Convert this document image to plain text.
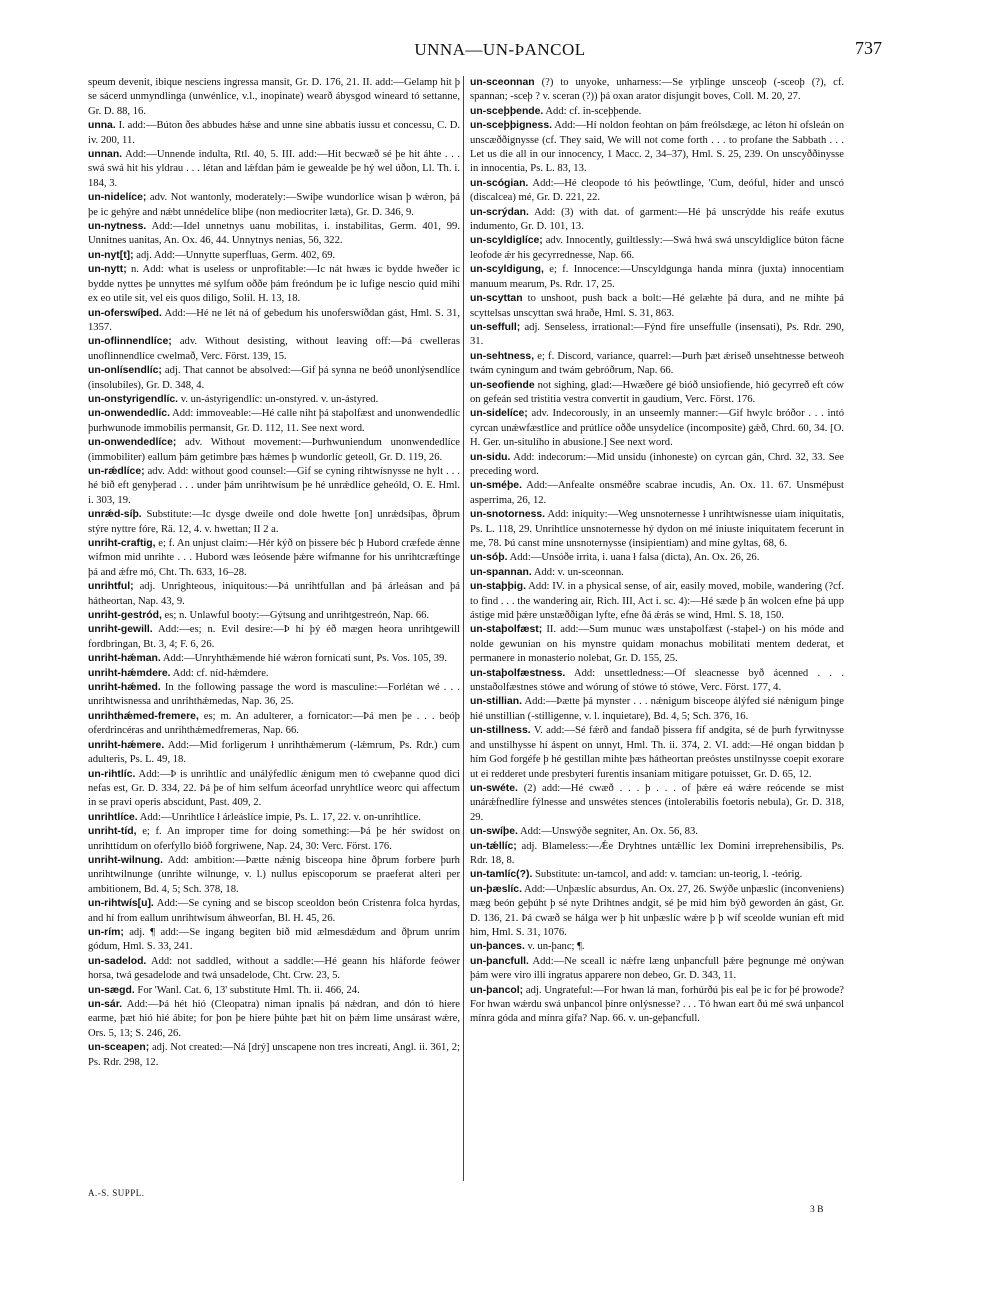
UNNA—UN-ÞANCOL	737

speum devenit, ibique nesciens ingressa mansit, Gr. D. 176, 21. II. add:—Gelamp hit þ se sácerd unmyndlinga (unwénlíce, v.l., inopinate) wearð ábysgod wineard tó settanne, Gr. D. 88, 16.

unna. I. add:—Búton ðes abbudes hǽse and unne sine abbatis iussu et concessu, C. D. iv. 200, 11.

unnan. Add:—Unnende indulta, Rtl. 40, 5. III. add:—Hit becwæð sé þe hit áhte . . . swá swá hit his yldrau . . . létan and lǽfdan þám ie gewealde þe hý wel úðon, Ll. Th. i. 184, 3.

un-nidelíce; adv. Not wantonly, moderately:—Swiþe wundorlíce wisan þ wǽron, þá þe ic gehýre and nǽbt unnédelíce bliþe (non mediocriter læta), Gr. D. 346, 9.

un-nytness. Add:—Idel unnetnys uanu mobilitas, i. instabilitas, Germ. 401, 99. Unnitnes uanitas, An. Ox. 46, 44. Unnytnys nenias, 56, 322.

un-nyt[t]; adj. Add:—Unnytte superfluas, Germ. 402, 69.

un-nytt; n. Add: what is useless or unprofitable:—Ic nát hwæs ic bydde hweðer ic bydde nyttes þe unnyttes mé sylfum oððe þám freóndum þe ic lufige nescio quid mihi ex eo utile sit, vel eis quos diligo, Solil. H. 13, 18.

un-oferswíþed. Add:—Hé ne lét ná of gebedum his unoferswíðdan gást, Hml. S. 31, 1357.

un-oflinnendlíce; adv. Without desisting, without leaving off:—Þá cwelleras unoflinnendlíce cwelmað, Verc. Först. 139, 15.

un-onlísendlíc; adj. That cannot be absolved:—Gif þá synna ne beóð unonlýsendlíce (insolubiles), Gr. D. 348, 4.

un-onstyrigendlíc. v. un-ástyrigendlíc: un-onstyred. v. un-ástyred.

un-onwendedlíc. Add: immoveable:—Hé calle niht þá staþolfæst and unonwendedlíc þurhwunode immobilis permansit, Gr. D. 112, 11. See next word.

un-onwendedlíce; adv. Without movement:—Þurhwuniendum unonwendedlíce (immobiliter) eallum þám getimbre þæs hǽmes þ wundorlíc geteoll, Gr. D. 119, 26.

un-rǽdlíce; adv. Add: without good counsel:—Gif se cyning rihtwísnysse ne hylt . . . hé bið eft genyþerad . . . under þám unrihtwísum þe hé unrǽdlíce geheóld, O. E. Hml. i. 303, 19.

unrǽd-síþ. Substitute:—Ic dysge dweile ond dole hwette [on] unrǽdsíþas, ðþrum stýre nyttre fóre, Rä. 12, 4. v. hwettan; II 2 a.

unriht-craftig, e; f. An unjust claim:—Hér kýð on þissere béc þ Hubord cræfede ǽnne wifmon mid unrihte . . . Hubord wæs leósende þǽre wifmanne for his unrihtcræftinge þá and ǽfre mó, Cht. Th. 633, 16–28.

unrihtful; adj. Unrighteous, iniquitous:—Þá unrihtfullan and þá árleásan and þá hátheortan, Nap. 43, 9.

unriht-gestród, es; n. Unlawful booty:—Gýtsung and unrihtgestreón, Nap. 66.

unriht-gewill. Add:—es; n. Evil desire:—Þ hí þý éð mægen heora unrihtgewill fordbringan, Bt. 3, 4; F. 6, 26.

unriht-hǽman. Add:—Unryhthǽmende hié wǽron fornicati sunt, Ps. Vos. 105, 39.

unriht-hǽmdere. Add: cf. níd-hǽmdere.

unriht-hǽmed. In the following passage the word is masculine:—Forlétan wé . . . unrihtwisnessa and unrihthǽmedas, Nap. 36, 25.

unrihthǽmed-fremere, es; m. An adulterer, a fornicator:—Þá men þe . . . beóþ oferdrincéras and unrihthǽmedfremeras, Nap. 66.

unriht-hǽmere. Add:—Mid forligerum ł unrihthǽmerum (-lǽmrum, Ps. Rdr.) cum adulteris, Ps. L. 49, 18.

un-rihtlíc. Add:—Þ is unrihtlíc and unálýfedlíc ǽnigum men tó cweþanne quod dici nefas est, Gr. D. 334, 22. Þá þe of him selfum áceorfad unryhtlíce weorc qui affectum in se pravi operis abscidunt, Past. 409, 2.

unrihtlíce. Add:—Unrihtlíce ł árleáslíce impie, Ps. L. 17, 22. v. on-unrihtlíce.

unriht-tíd, e; f. An improper time for doing something:—Þá þe hér swídost on unrihttídum on oferfyllo bióð forgriwene, Nap. 24, 30: Verc. Först. 176.

unriht-wilnung. Add: ambition:—Þætte nǽnig bisceopa hine ðþrum forbere þurh unrihtwilnunge (unrihte wilnunge, v. l.) nullus episcoporum se praeferat alteri per ambitionem, Bd. 4, 5; Sch. 378, 18.

un-rihtwís[u]. Add:—Se cyning and se biscop sceoldon beón Crístenra folca hyrdas, and hí from eallum unrihtwísum áhweorfan, Bl. H. 45, 26.

un-rím; adj. ¶ add:—Se ingang begiten bið mid ælmesdǽdum and ðþrum unrím gódum, Hml. S. 33, 241.

un-sadelod. Add: not saddled, without a saddle:—Hé geann his hláforde feówer horsa, twá gesadelode and twá unsadelode, Cht. Crw. 23, 5.

un-sægd. For 'Wanl. Cat. 6, 13' substitute Hml. Th. ii. 466, 24.

un-sár. Add:—Þá hét hió (Cleopatra) niman ipnalis þá nǽdran, and dón tó hiere earme, þæt hió hié ábite; for þon þe hiere þúhte þæt hit on þǽm lime unsárast wǽre, Ors. 5, 13; S. 246, 26.

un-sceapen; adj. Not created:—Ná [drý] unscapene non tres increati, Angl. ii. 361, 2; Ps. Rdr. 298, 12.

un-sceonnan (?) to unyoke, unharness:—Se yrþlinge unsceoþ (-sceoþ (?), cf. spannan; -sceþ ? v. sceran (?)) þá oxan arator disjungit boves, Coll. M. 20, 27.

un-sceþþende. Add: cf. in-sceþþende.

un-sceþþigness. Add:—Hí noldon feohtan on þám freólsdæge, ac léton hí ofsleán on unscæððignysse (cf. They said, We will not come forth . . . to profane the Sabbath . . . Let us die all in our innocency, 1 Macc. 2, 34–37), Hml. S. 25, 239. On unscyððinysse in innocentia, Ps. L. 83, 13.

un-scógian. Add:—Hé cleopode tó his þeówtlinge, 'Cum, deóful, híder and unscó (discalcea) mé, Gr. D. 221, 22.

un-scrýdan. Add: (3) with dat. of garment:—Hé þá unscrýdde his reáfe exutus indumento, Gr. D. 101, 13.

un-scyldiglíce; adv. Innocently, guiltlessly:—Swá hwá swá unscyldiglíce búton fácne leofode ǽr his gecyrrednesse, Nap. 66.

un-scyldigung, e; f. Innocence:—Unscyldgunga handa mínra (juxta) innocentiam manuum mearum, Ps. Rdr. 17, 25.

un-scyttan to unshoot, push back a bolt:—Hé gelæhte þá dura, and ne mihte þá scyttelsas unscyttan swá hraðe, Hml. S. 31, 863.

un-seffull; adj. Senseless, irrational:—Fýnd fíre unseffulle (insensati), Ps. Rdr. 290, 31.

un-sehtness, e; f. Discord, variance, quarrel:—Þurh þæt ǽriseð unsehtnesse betweoh twám cyningum and twám gebróðrum, Nap. 66.

un-seofiende not sighing, glad:—Hwæðere gé bióð unsiofiende, hió gecyrreð eft ców on gefeán sed tristitia vestra convertit in gaudium, Verc. Först. 176.

un-sidelíce; adv. Indecorously, in an unseemly manner:—Gif hwylc bróðor . . . intó cyrcan unǽwfæstlíce and prútlíce oððe unsydelíce (incomposite) gǽð, Chrd. 60, 34. [O. H. Ger. un-situlího in abusione.] See next word.

un-sidu. Add: indecorum:—Mid unsidu (inhoneste) on cyrcan gán, Chrd. 32, 33. See preceding word.

un-sméþe. Add:—Anfealte onsméðre scabrae incudis, An. Ox. 11. 67. Unsméþust asperrima, 26, 12.

un-snotorness. Add: iniquity:—Weg unsnoternesse ł unrihtwísnesse uiam iniquitatis, Ps. L. 118, 29. Unrihtlíce unsnoternesse hý dydon on mé iniuste iniquitatem fecerunt in me, 78. Þú canst míne unsnoternysse (insipientiam) and míne gyltas, 68, 6.

un-sóþ. Add:—Unsóðe irrita, i. uana ł falsa (dicta), An. Ox. 26, 26.

un-spannan. Add: v. un-sceonnan.

un-staþþig. Add: IV. in a physical sense, of air, easily moved, mobile, wandering (?cf. to find . . . the wandering air, Rich. III, Act i. sc. 4):—Hé sæde þ ân wolcen efne þá upp ástige mid þǽre unstæððigan lyfte, efne ðá ǽrás se wind, Hml. S. 18, 150.

un-staþolfæst; II. add:—Sum munuc wæs unstaþolfæst (-staþel-) on his móde and nolde gewunian on his mynstre quidam monachus mobilitati mentem dederat, et permanere in monasterio nolebat, Gr. D. 155, 25.

un-staþolfæstness. Add: unsettledness:—Of sleacnesse byð ácenned . . . unstaðolfæstnes stówe and wórung of stówe tó stówe, Verc. Först. 177, 4.

un-stillian. Add:—Þætte þá mynster . . . nǽnigum bisceope álýfed sié nǽnigum þinge hié unstillian (-stilligenne, v. l. inquietare), Bd. 4, 5; Sch. 376, 16.

un-stillness. V. add:—Sé fǽrð and fandað þissera fíf andgita, sé de þurh fyrwitnysse and unstilhysse hí áspent on unnyt, Hml. Th. ii. 374, 2. VI. add:—Hé ongan biddan þ hím God forgéfe þ hé gestillan mihte þæs hátheortan preóstes unstilnysse coepit exorare ut ei redderet unde presbyteri furentis insaniam mitigare potuisset, Gr. D. 65, 12.

un-swéte. (2) add:—Hé cwæð . . . þ . . . of þǽre eá wǽre reócende se mist unárǽfnedlíre fýlnesse and unswétes stences (intolerabilis foetoris nebula), Gr. D. 318, 29.

un-swíþe. Add:—Unswýðe segniter, An. Ox. 56, 83.

un-tǽllíc; adj. Blameless:—Ǽe Dryhtnes untǽllíc lex Domini irreprehensibilis, Ps. Rdr. 18, 8.

un-tamlíc(?). Substitute: un-tamcol, and add: v. tamcian: un-teorig, l. -teórig.

un-þæslíc. Add:—Unþæslíc absurdus, An. Ox. 27, 26. Swýðe unþæslic (inconveniens) mæg beón geþúht þ sé nyte Drihtnes andgit, sé þe mid him býð geworden án gást, Gr. D. 136, 21. Þá cwæð se hálga wer þ hit unþæslíc wǽre þ þ wíf sceolde wunian eft mid him, Hml. S. 31, 1076.

un-þances. v. un-þanc; ¶.

un-þancfull. Add:—Ne sceall ic nǽfre læng unþancfull þǽre þegnunge mé onýwan þám were viro illi ingratus apparere non debeo, Gr. D. 343, 11.

un-þancol; adj. Ungrateful:—For hwan lá man, forhúrðú þis eal þe ic for þé þrowode? For hwan wǽrdu swá unþancol þínre onlýsnesse? . . . Tó hwan eart ðú mé swá unþancol mínra góda and mínra gifa? Nap. 66. v. un-geþancfull.

A.-S. SUPPL.
3 B
